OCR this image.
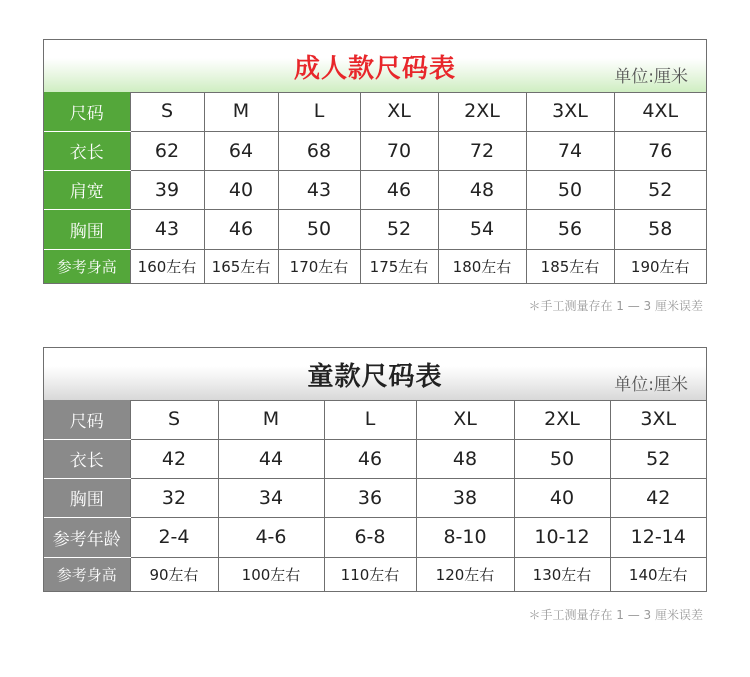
成人款尺码表	单位:厘米
尺码	S	M	L	XL	2XL	3XL	4XL
衣长	62	64	68	70	72	74	76
肩宽	39	40	43	46	48	50	52
胸围	43	46	50	52	54	56	58
参考身高	160左右	165左右	170左右	175左右	180左右	185左右	190左右
＊手工测量存在 1 — 3 厘米误差
童款尺码表	单位:厘米
尺码	S	M	L	XL	2XL	3XL
衣长	42	44	46	48	50	52
胸围	32	34	36	38	40	42
参考年龄	2-4	4-6	6-8	8-10	10-12	12-14
参考身高	90左右	100左右	110左右	120左右	130左右	140左右
＊手工测量存在 1 — 3 厘米误差
